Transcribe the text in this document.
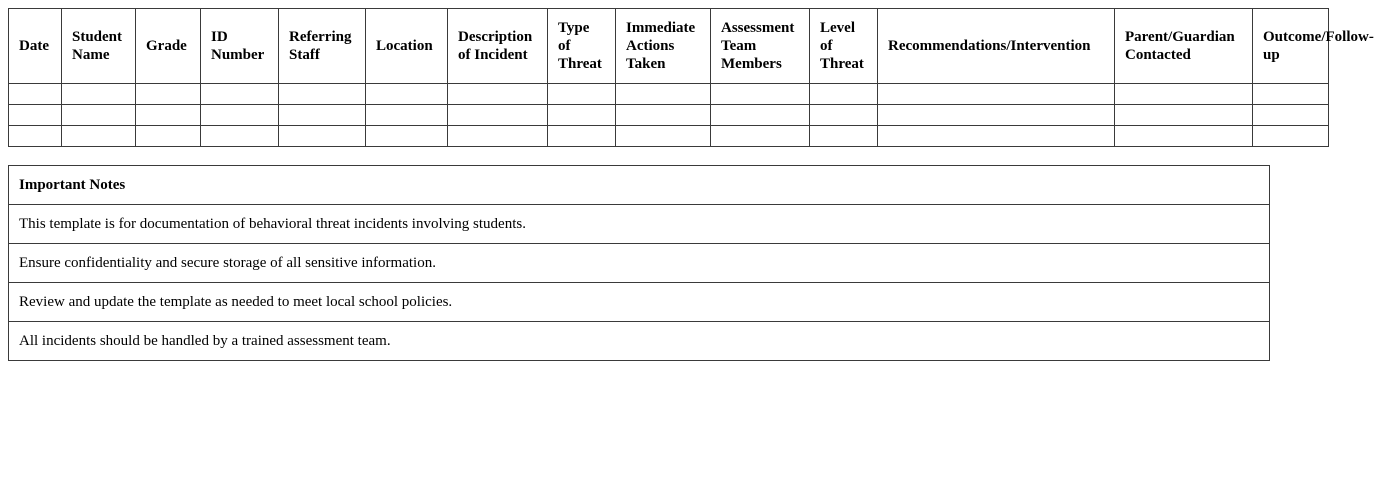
Date	Student Name	Grade	ID Number	Referring Staff	Location	Description of Incident	Type of Threat	Immediate Actions Taken	Assessment Team Members	Level of Threat	Recommendations/Intervention	Parent/Guardian Contacted	Outcome/Follow-up

Important Notes
This template is for documentation of behavioral threat incidents involving students.
Ensure confidentiality and secure storage of all sensitive information.
Review and update the template as needed to meet local school policies.
All incidents should be handled by a trained assessment team.
